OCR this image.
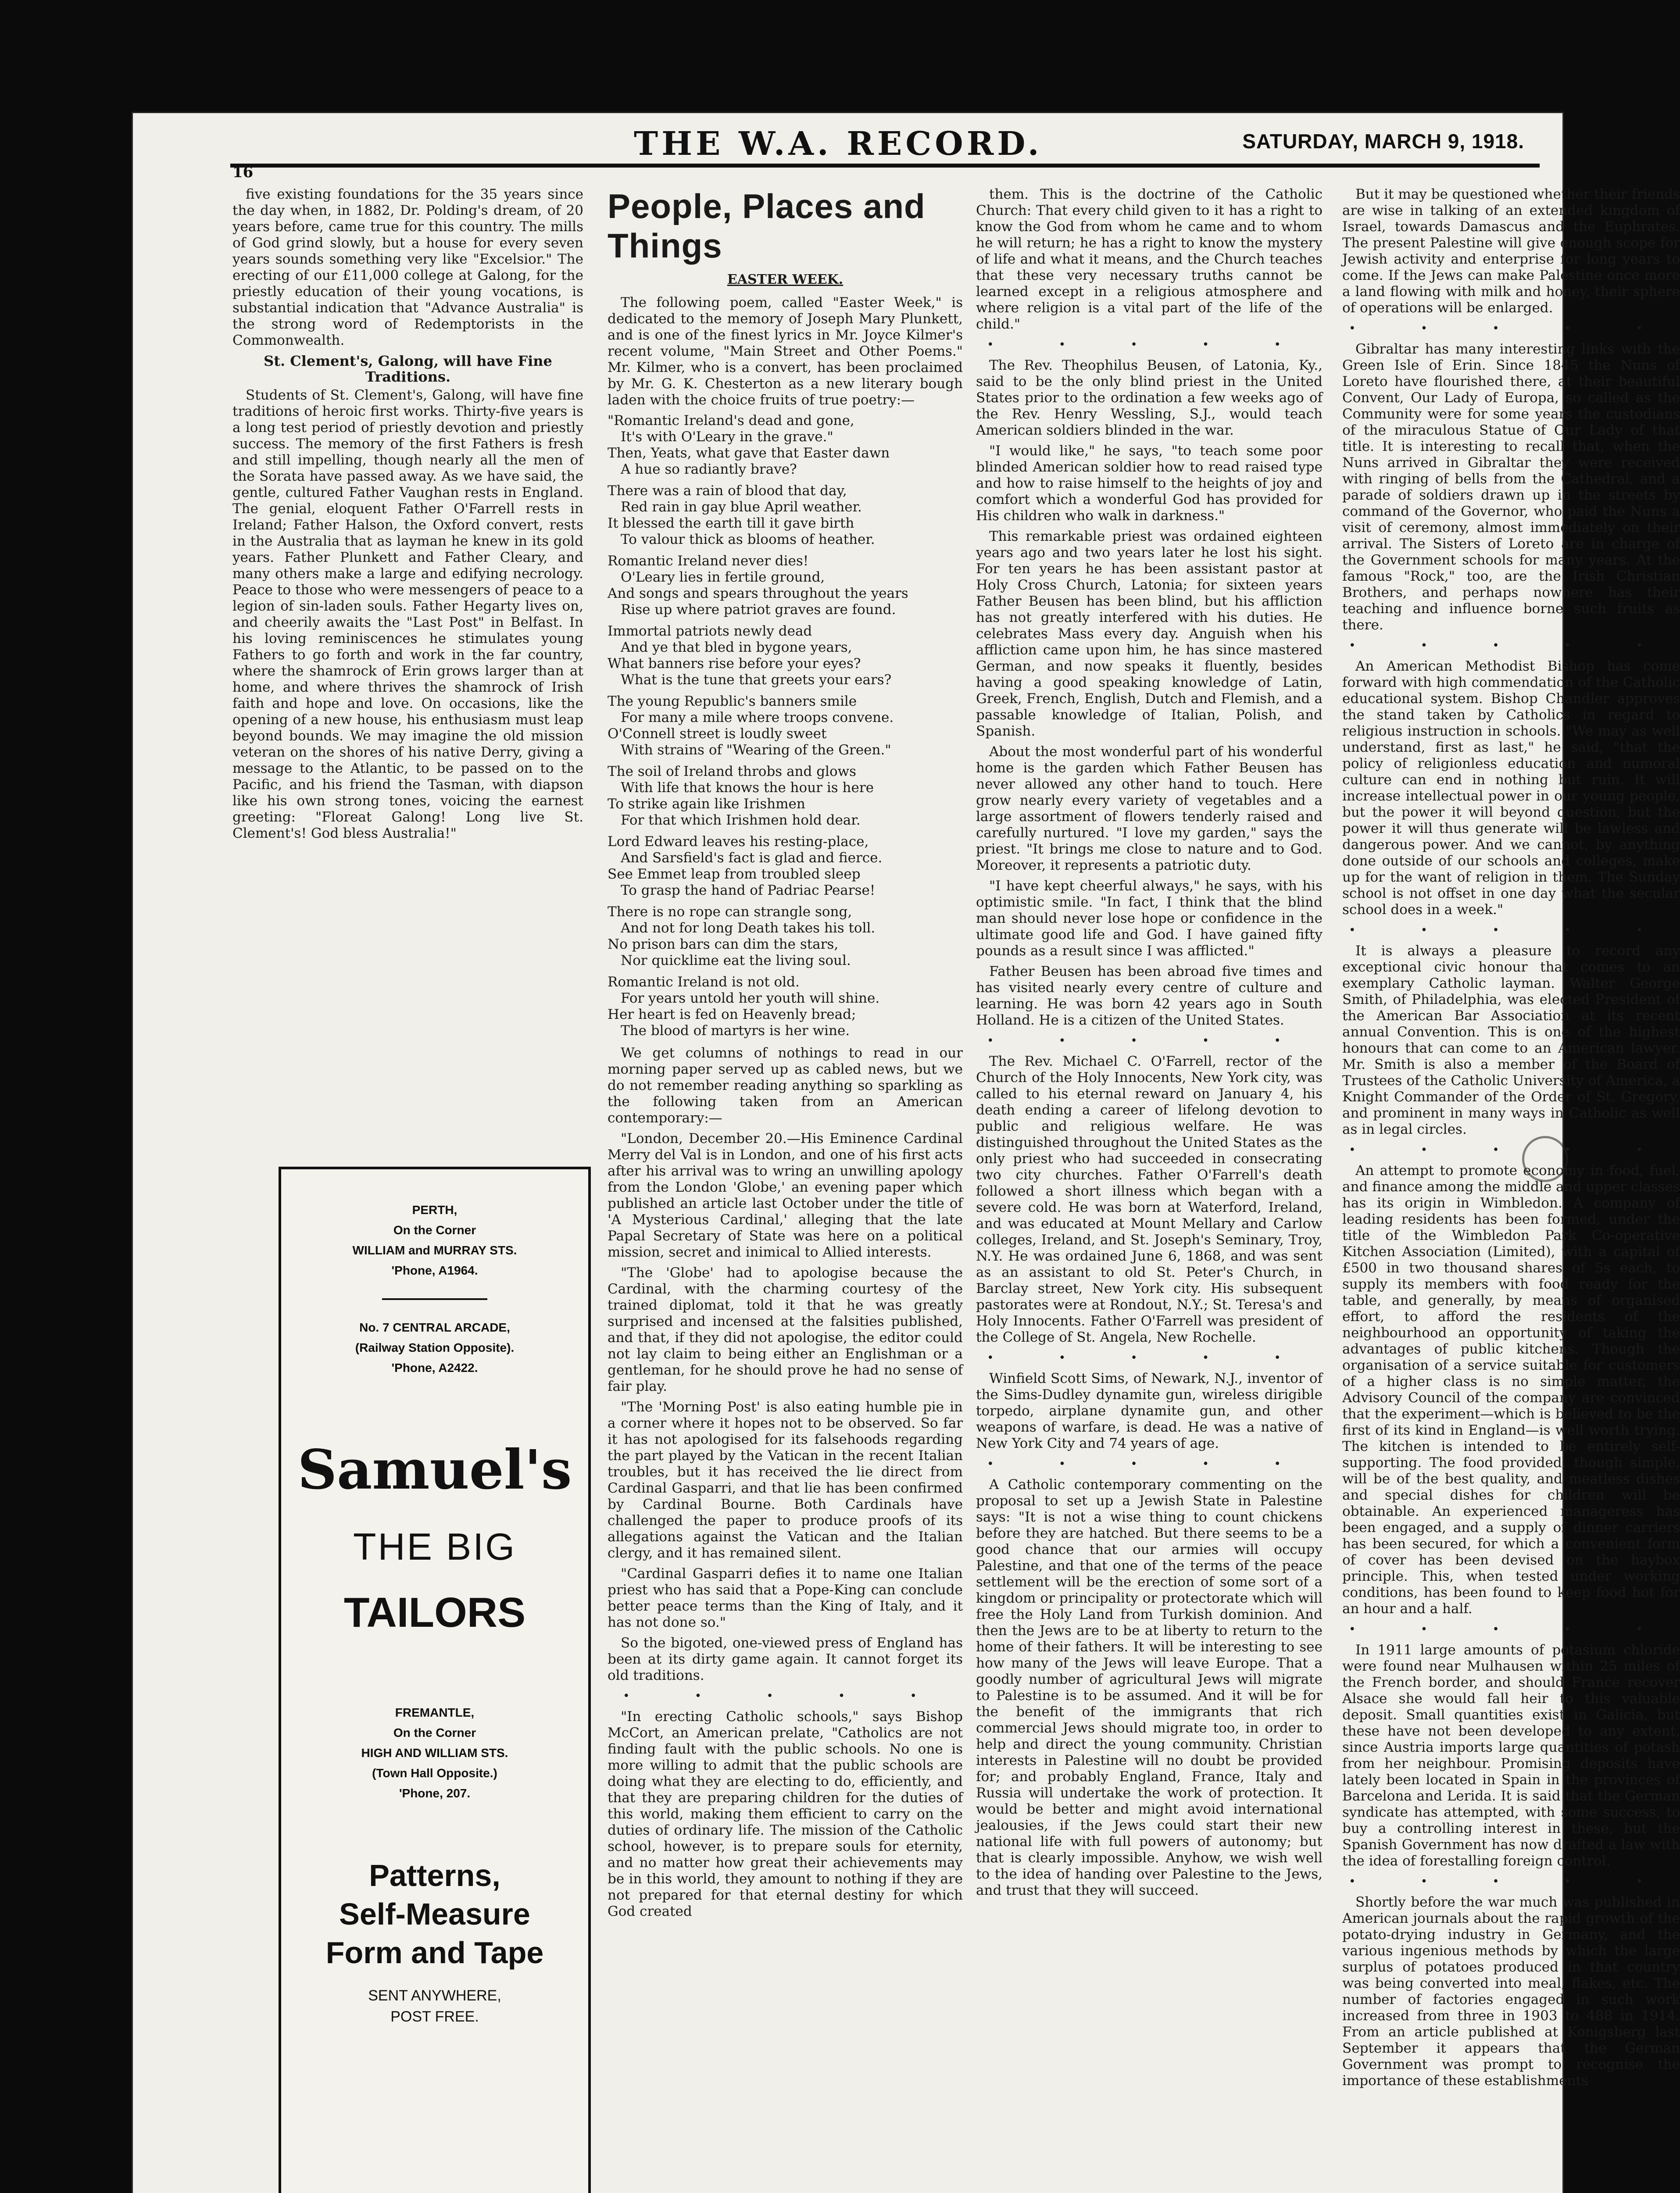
16
THE W.A. RECORD.	SATURDAY, MARCH 9, 1918.

five existing foundations for the 35 years since the day when, in 1882, Dr. Polding's dream, of 20 years before, came true for this country. The mills of God grind slowly, but a house for every seven years sounds something very like "Excelsior." The erecting of our £11,000 college at Galong, for the priestly education of their young vocations, is substantial indication that "Advance Australia" is the strong word of Redemptorists in the Commonwealth.

St. Clement's, Galong, will have Fine Traditions.

Students of St. Clement's, Galong, will have fine traditions of heroic first works. Thirty-five years is a long test period of priestly devotion and priestly success. The memory of the first Fathers is fresh and still impelling, though nearly all the men of the Sorata have passed away. As we have said, the gentle, cultured Father Vaughan rests in England. The genial, eloquent Father O'Farrell rests in Ireland; Father Halson, the Oxford convert, rests in the Australia that as layman he knew in its gold years. Father Plunkett and Father Cleary, and many others make a large and edifying necrology. Peace to those who were messengers of peace to a legion of sin-laden souls. Father Hegarty lives on, and cheerily awaits the "Last Post" in Belfast. In his loving reminiscences he stimulates young Fathers to go forth and work in the far country, where the shamrock of Erin grows larger than at home, and where thrives the shamrock of Irish faith and hope and love. On occasions, like the opening of a new house, his enthusiasm must leap beyond bounds. We may imagine the old mission veteran on the shores of his native Derry, giving a message to the Atlantic, to be passed on to the Pacific, and his friend the Tasman, with diapson like his own strong tones, voicing the earnest greeting: "Floreat Galong! Long live St. Clement's! God bless Australia!"

PERTH,
On the Corner
WILLIAM and MURRAY STS.
'Phone, A1964.
No. 7 CENTRAL ARCADE,
(Railway Station Opposite).
'Phone, A2422.
Samuel's
THE BIG
TAILORS
FREMANTLE,
On the Corner
HIGH AND WILLIAM STS.
(Town Hall Opposite.)
'Phone, 207.
Patterns,
Self-Measure
Form and Tape
SENT ANYWHERE,
POST FREE.
People, Places and Things
EASTER WEEK.

The following poem, called "Easter Week," is dedicated to the memory of Joseph Mary Plunkett, and is one of the finest lyrics in Mr. Joyce Kilmer's recent volume, "Main Street and Other Poems." Mr. Kilmer, who is a convert, has been proclaimed by Mr. G. K. Chesterton as a new literary bough laden with the choice fruits of true poetry:—

"Romantic Ireland's dead and gone,
It's with O'Leary in the grave."
Then, Yeats, what gave that Easter dawn
A hue so radiantly brave?
There was a rain of blood that day,
Red rain in gay blue April weather.
It blessed the earth till it gave birth
To valour thick as blooms of heather.
Romantic Ireland never dies!
O'Leary lies in fertile ground,
And songs and spears throughout the years
Rise up where patriot graves are found.
Immortal patriots newly dead
And ye that bled in bygone years,
What banners rise before your eyes?
What is the tune that greets your ears?
The young Republic's banners smile
For many a mile where troops convene.
O'Connell street is loudly sweet
With strains of "Wearing of the Green."
The soil of Ireland throbs and glows
With life that knows the hour is here
To strike again like Irishmen
For that which Irishmen hold dear.
Lord Edward leaves his resting-place,
And Sarsfield's fact is glad and fierce.
See Emmet leap from troubled sleep
To grasp the hand of Padriac Pearse!
There is no rope can strangle song,
And not for long Death takes his toll.
No prison bars can dim the stars,
Nor quicklime eat the living soul.
Romantic Ireland is not old.
For years untold her youth will shine.
Her heart is fed on Heavenly bread;
The blood of martyrs is her wine.

We get columns of nothings to read in our morning paper served up as cabled news, but we do not remember reading anything so sparkling as the following taken from an American contemporary:—

"London, December 20.—His Eminence Cardinal Merry del Val is in London, and one of his first acts after his arrival was to wring an unwilling apology from the London 'Globe,' an evening paper which published an article last October under the title of 'A Mysterious Cardinal,' alleging that the late Papal Secretary of State was here on a political mission, secret and inimical to Allied interests.

"The 'Globe' had to apologise because the Cardinal, with the charming courtesy of the trained diplomat, told it that he was greatly surprised and incensed at the falsities published, and that, if they did not apologise, the editor could not lay claim to being either an Englishman or a gentleman, for he should prove he had no sense of fair play.

"The 'Morning Post' is also eating humble pie in a corner where it hopes not to be observed. So far it has not apologised for its falsehoods regarding the part played by the Vatican in the recent Italian troubles, but it has received the lie direct from Cardinal Gasparri, and that lie has been confirmed by Cardinal Bourne. Both Cardinals have challenged the paper to produce proofs of its allegations against the Vatican and the Italian clergy, and it has remained silent.

"Cardinal Gasparri defies it to name one Italian priest who has said that a Pope-King can conclude better peace terms than the King of Italy, and it has not done so."

So the bigoted, one-viewed press of England has been at its dirty game again. It cannot forget its old traditions.

• • • • •

"In erecting Catholic schools," says Bishop McCort, an American prelate, "Catholics are not finding fault with the public schools. No one is more willing to admit that the public schools are doing what they are electing to do, efficiently, and that they are preparing children for the duties of this world, making them efficient to carry on the duties of ordinary life. The mission of the Catholic school, however, is to prepare souls for eternity, and no matter how great their achievements may be in this world, they amount to nothing if they are not prepared for that eternal destiny for which God created

them. This is the doctrine of the Catholic Church: That every child given to it has a right to know the God from whom he came and to whom he will return; he has a right to know the mystery of life and what it means, and the Church teaches that these very necessary truths cannot be learned except in a religious atmosphere and where religion is a vital part of the life of the child."

• • • • •

The Rev. Theophilus Beusen, of Latonia, Ky., said to be the only blind priest in the United States prior to the ordination a few weeks ago of the Rev. Henry Wessling, S.J., would teach American soldiers blinded in the war.

"I would like," he says, "to teach some poor blinded American soldier how to read raised type and how to raise himself to the heights of joy and comfort which a wonderful God has provided for His children who walk in darkness."

This remarkable priest was ordained eighteen years ago and two years later he lost his sight. For ten years he has been assistant pastor at Holy Cross Church, Latonia; for sixteen years Father Beusen has been blind, but his affliction has not greatly interfered with his duties. He celebrates Mass every day. Anguish when his affliction came upon him, he has since mastered German, and now speaks it fluently, besides having a good speaking knowledge of Latin, Greek, French, English, Dutch and Flemish, and a passable knowledge of Italian, Polish, and Spanish.

About the most wonderful part of his wonderful home is the garden which Father Beusen has never allowed any other hand to touch. Here grow nearly every variety of vegetables and a large assortment of flowers tenderly raised and carefully nurtured. "I love my garden," says the priest. "It brings me close to nature and to God. Moreover, it represents a patriotic duty.

"I have kept cheerful always," he says, with his optimistic smile. "In fact, I think that the blind man should never lose hope or confidence in the ultimate good life and God. I have gained fifty pounds as a result since I was afflicted."

Father Beusen has been abroad five times and has visited nearly every centre of culture and learning. He was born 42 years ago in South Holland. He is a citizen of the United States.

• • • • •

The Rev. Michael C. O'Farrell, rector of the Church of the Holy Innocents, New York city, was called to his eternal reward on January 4, his death ending a career of lifelong devotion to public and religious welfare. He was distinguished throughout the United States as the only priest who had succeeded in consecrating two city churches. Father O'Farrell's death followed a short illness which began with a severe cold. He was born at Waterford, Ireland, and was educated at Mount Mellary and Carlow colleges, Ireland, and St. Joseph's Seminary, Troy, N.Y. He was ordained June 6, 1868, and was sent as an assistant to old St. Peter's Church, in Barclay street, New York city. His subsequent pastorates were at Rondout, N.Y.; St. Teresa's and Holy Innocents. Father O'Farrell was president of the College of St. Angela, New Rochelle.

• • • • •

Winfield Scott Sims, of Newark, N.J., inventor of the Sims-Dudley dynamite gun, wireless dirigible torpedo, airplane dynamite gun, and other weapons of warfare, is dead. He was a native of New York City and 74 years of age.

• • • • •

A Catholic contemporary commenting on the proposal to set up a Jewish State in Palestine says: "It is not a wise thing to count chickens before they are hatched. But there seems to be a good chance that our armies will occupy Palestine, and that one of the terms of the peace settlement will be the erection of some sort of a kingdom or principality or protectorate which will free the Holy Land from Turkish dominion. And then the Jews are to be at liberty to return to the home of their fathers. It will be interesting to see how many of the Jews will leave Europe. That a goodly number of agricultural Jews will migrate to Palestine is to be assumed. And it will be for the benefit of the immigrants that rich commercial Jews should migrate too, in order to help and direct the young community. Christian interests in Palestine will no doubt be provided for; and probably England, France, Italy and Russia will undertake the work of protection. It would be better and might avoid international jealousies, if the Jews could start their new national life with full powers of autonomy; but that is clearly impossible. Anyhow, we wish well to the idea of handing over Palestine to the Jews, and trust that they will succeed.

But it may be questioned whether their friends are wise in talking of an extended kingdom of Israel, towards Damascus and the Euphrates. The present Palestine will give enough scope for Jewish activity and enterprise for long years to come. If the Jews can make Palestine once more a land flowing with milk and honey, their sphere of operations will be enlarged.

• • • • •

Gibraltar has many interesting links with the Green Isle of Erin. Since 1845 the Nuns of Loreto have flourished there, at their beautiful Convent, Our Lady of Europa, so called as the Community were for some years the custodians of the miraculous Statue of Our Lady of that title. It is interesting to recall that, when the Nuns arrived in Gibraltar they were received with ringing of bells from the Cathedral, and a parade of soldiers drawn up in the streets by command of the Governor, who paid the Nuns a visit of ceremony, almost immediately on their arrival. The Sisters of Loreto are in charge of the Government schools for many years. At the famous "Rock," too, are the Irish Christian Brothers, and perhaps nowhere has their teaching and influence borne such fruits as there.

• • • • •

An American Methodist Bishop has come forward with high commendation of the Catholic educational system. Bishop Chandler approves the stand taken by Catholics in regard to religious instruction in schools. "We may as well understand, first as last," he said, "that the policy of religionless education and numoral culture can end in nothing but ruin. It will increase intellectual power in our young people, but the power it will beyond question, but the power it will thus generate will be lawless and dangerous power. And we cannot, by anything done outside of our schools and colleges, make up for the want of religion in them. The Sunday school is not offset in one day what the secular school does in a week."

• • • • •

It is always a pleasure to record any exceptional civic honour that comes to an exemplary Catholic layman. Walter George Smith, of Philadelphia, was elected President of the American Bar Association at its recent annual Convention. This is one of the highest honours that can come to an American lawyer. Mr. Smith is also a member of the Board of Trustees of the Catholic University of America, a Knight Commander of the Order of St. Gregory, and prominent in many ways in Catholic as well as in legal circles.

• • • • •

An attempt to promote economy in food, fuel, and finance among the middle and upper classes has its origin in Wimbledon. A company of leading residents has been formed, under the title of the Wimbledon Park Co-operative Kitchen Association (Limited), with a capital of £500 in two thousand shares of 5s each, to supply its members with food ready for the table, and generally, by means of organised effort, to afford the residents of the neighbourhood an opportunity of taking the advantages of public kitchens. Though the organisation of a service suitable for customers of a higher class is no simple matter, the Advisory Council of the company are convinced that the experiment—which is believed to be the first of its kind in England—is well worth trying. The kitchen is intended to be entirely self-supporting. The food provided, though simple, will be of the best quality, and meatless dishes and special dishes for children will be obtainable. An experienced manageress has been engaged, and a supply of dinner carriers has been secured, for which a convenient form of cover has been devised on the haybox principle. This, when tested under working conditions, has been found to keep food hot for an hour and a half.

• • • • •

In 1911 large amounts of potasium chloride were found near Mulhausen within 25 miles of the French border, and should France recover Alsace she would fall heir to this valuable deposit. Small quantities exist in Galicia, but these have not been developed to any extent, since Austria imports large quantities of potash from her neighbour. Promising deposits have lately been located in Spain in the provinces of Barcelona and Lerida. It is said that the German syndicate has attempted, with some success, to buy a controlling interest in these, but the Spanish Government has now drafted a law with the idea of forestalling foreign control.

• • • • •

Shortly before the war much was published in American journals about the rapid growth of the potato-drying industry in Germany, and the various ingenious methods by which the large surplus of potatoes produced in that country was being converted into meal, flakes, etc. The number of factories engaged in such work increased from three in 1903 to 488 in 1914. From an article published at Konigsberg last September it appears that the German Government was prompt to recognise the importance of these establishments
